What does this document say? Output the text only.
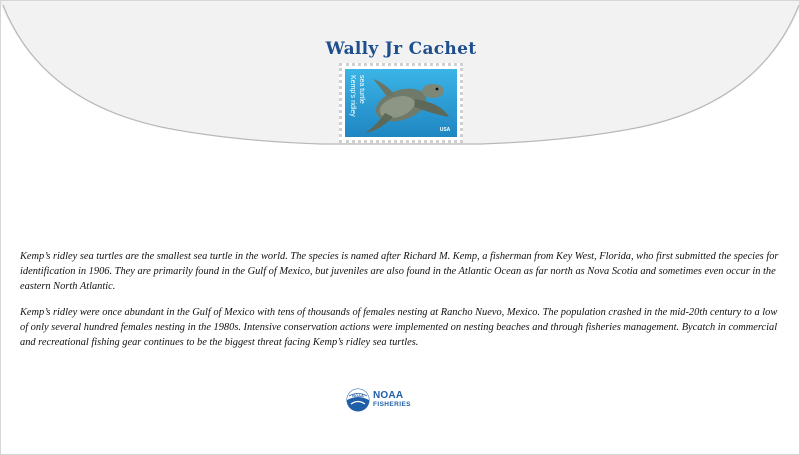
Wally Jr Cachet
Kemp's ridley sea turtle
USA

Kemp’s ridley sea turtles are the smallest sea turtle in the world. The species is named after Richard M. Kemp, a fisherman from Key West, Florida, who first submitted the species for identification in 1906. They are primarily found in the Gulf of Mexico, but juveniles are also found in the Atlantic Ocean as far north as Nova Scotia and sometimes even occur in the eastern North Atlantic.

Kemp’s ridley were once abundant in the Gulf of Mexico with tens of thousands of females nesting at Rancho Nuevo, Mexico. The population crashed in the mid-20th century to a low of only several hundred females nesting in the 1980s. Intensive conservation actions were implemented on nesting beaches and through fisheries management. Bycatch in commercial and recreational fishing gear continues to be the biggest threat facing Kemp’s ridley sea turtles.

NOAA NOAA
FISHERIES
